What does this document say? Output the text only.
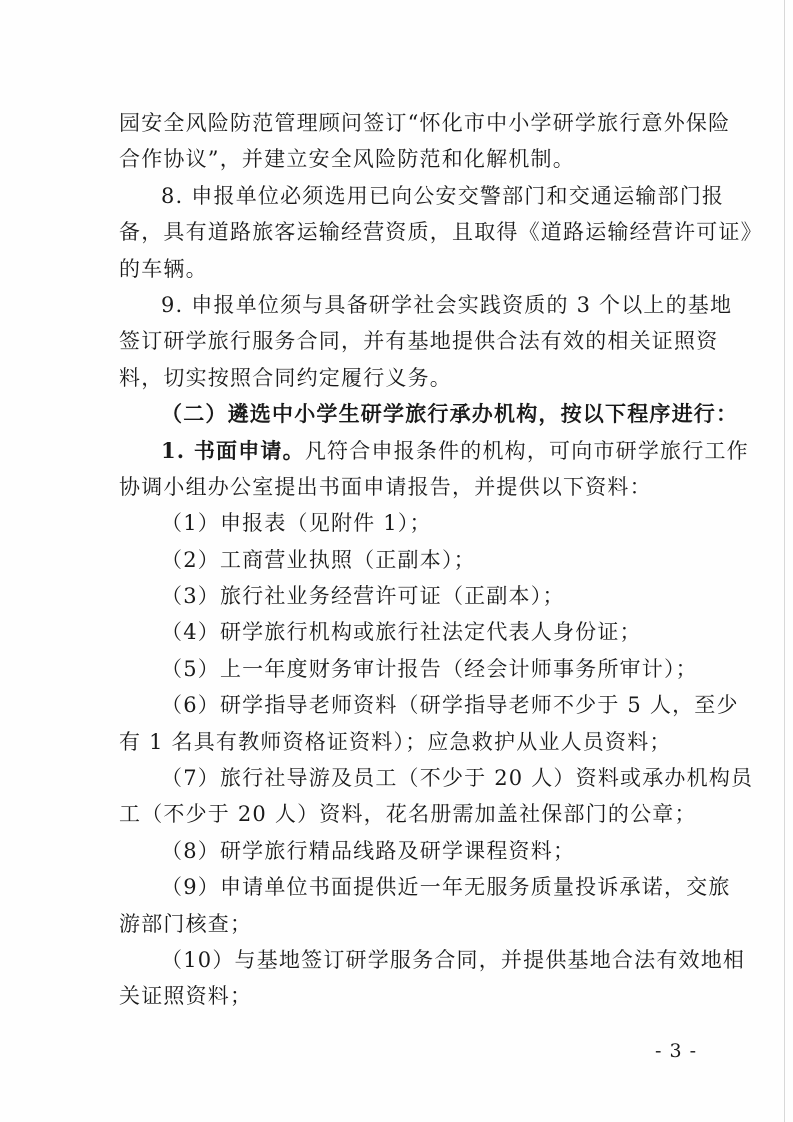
园安全风险防范管理顾问签订“怀化市中小学研学旅行意外保险
合作协议”，并建立安全风险防范和化解机制。
8. 申报单位必须选用已向公安交警部门和交通运输部门报
备，具有道路旅客运输经营资质，且取得《道路运输经营许可证》
的车辆。
9. 申报单位须与具备研学社会实践资质的 3 个以上的基地
签订研学旅行服务合同，并有基地提供合法有效的相关证照资
料，切实按照合同约定履行义务。
（二）遴选中小学生研学旅行承办机构，按以下程序进行：
1. 书面申请。凡符合申报条件的机构，可向市研学旅行工作
协调小组办公室提出书面申请报告，并提供以下资料：
（1）申报表（见附件 1）；
（2）工商营业执照（正副本）；
（3）旅行社业务经营许可证（正副本）；
（4）研学旅行机构或旅行社法定代表人身份证；
（5）上一年度财务审计报告（经会计师事务所审计）；
（6）研学指导老师资料（研学指导老师不少于 5 人，至少
有 1 名具有教师资格证资料）；应急救护从业人员资料；
（7）旅行社导游及员工（不少于 20 人）资料或承办机构员
工（不少于 20 人）资料，花名册需加盖社保部门的公章；
（8）研学旅行精品线路及研学课程资料；
（9）申请单位书面提供近一年无服务质量投诉承诺，交旅
游部门核查；
（10）与基地签订研学服务合同，并提供基地合法有效地相
关证照资料；
- 3 -
